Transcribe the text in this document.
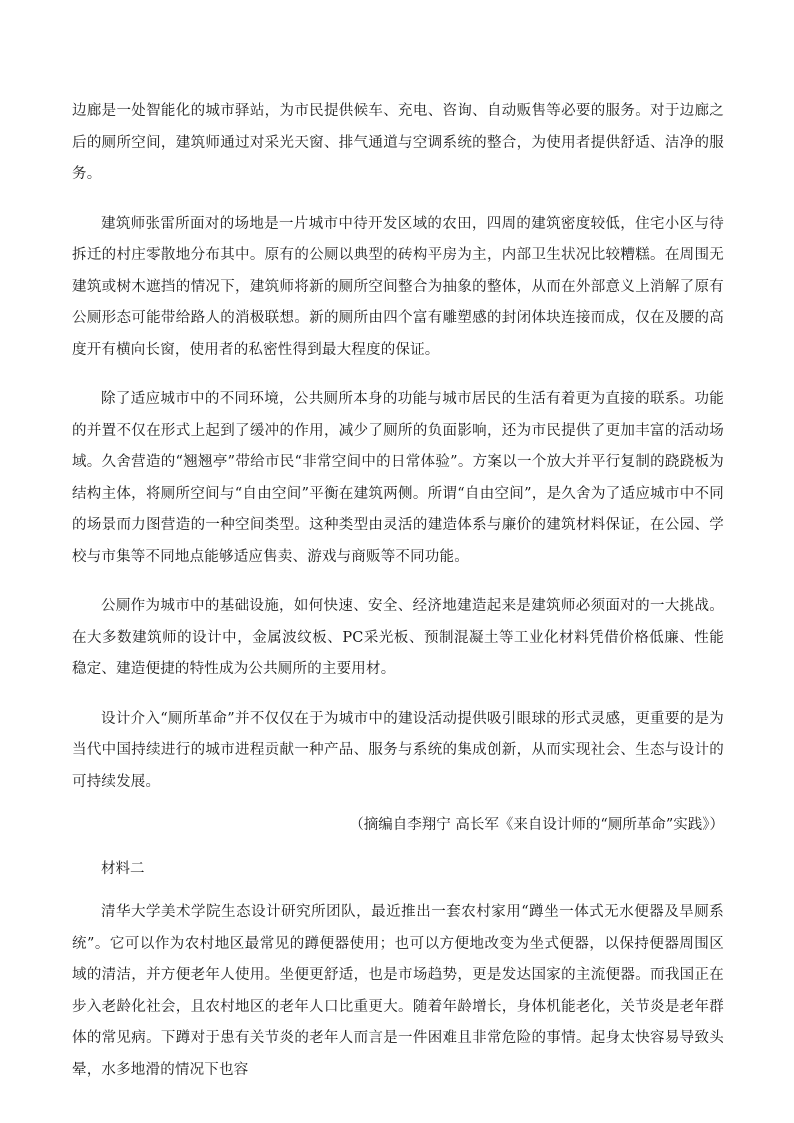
边廊是一处智能化的城市驿站，为市民提供候车、充电、咨询、自动贩售等必要的服务。对于边廊之后的厕所空间，建筑师通过对采光天窗、排气通道与空调系统的整合，为使用者提供舒适、洁净的服务。

建筑师张雷所面对的场地是一片城市中待开发区域的农田，四周的建筑密度较低，住宅小区与待拆迁的村庄零散地分布其中。原有的公厕以典型的砖构平房为主，内部卫生状况比较糟糕。在周围无建筑或树木遮挡的情况下，建筑师将新的厕所空间整合为抽象的整体，从而在外部意义上消解了原有公厕形态可能带给路人的消极联想。新的厕所由四个富有雕塑感的封闭体块连接而成，仅在及腰的高度开有横向长窗，使用者的私密性得到最大程度的保证。

除了适应城市中的不同环境，公共厕所本身的功能与城市居民的生活有着更为直接的联系。功能的并置不仅在形式上起到了缓冲的作用，减少了厕所的负面影响，还为市民提供了更加丰富的活动场域。久舍营造的“翘翘亭”带给市民“非常空间中的日常体验”。方案以一个放大并平行复制的跷跷板为结构主体，将厕所空间与“自由空间”平衡在建筑两侧。所谓“自由空间”，是久舍为了适应城市中不同的场景而力图营造的一种空间类型。这种类型由灵活的建造体系与廉价的建筑材料保证，在公园、学校与市集等不同地点能够适应售卖、游戏与商贩等不同功能。

公厕作为城市中的基础设施，如何快速、安全、经济地建造起来是建筑师必须面对的一大挑战。在大多数建筑师的设计中，金属波纹板、PC采光板、预制混凝土等工业化材料凭借价格低廉、性能稳定、建造便捷的特性成为公共厕所的主要用材。

设计介入“厕所革命”并不仅仅在于为城市中的建设活动提供吸引眼球的形式灵感，更重要的是为当代中国持续进行的城市进程贡献一种产品、服务与系统的集成创新，从而实现社会、生态与设计的可持续发展。

（摘编自李翔宁 高长军《来自设计师的“厕所革命”实践》）

材料二

清华大学美术学院生态设计研究所团队，最近推出一套农村家用“蹲坐一体式无水便器及旱厕系统”。它可以作为农村地区最常见的蹲便器使用；也可以方便地改变为坐式便器，以保持便器周围区域的清洁，并方便老年人使用。坐便更舒适，也是市场趋势，更是发达国家的主流便器。而我国正在步入老龄化社会，且农村地区的老年人口比重更大。随着年龄增长，身体机能老化，关节炎是老年群体的常见病。下蹲对于患有关节炎的老年人而言是一件困难且非常危险的事情。起身太快容易导致头晕，水多地滑的情况下也容
